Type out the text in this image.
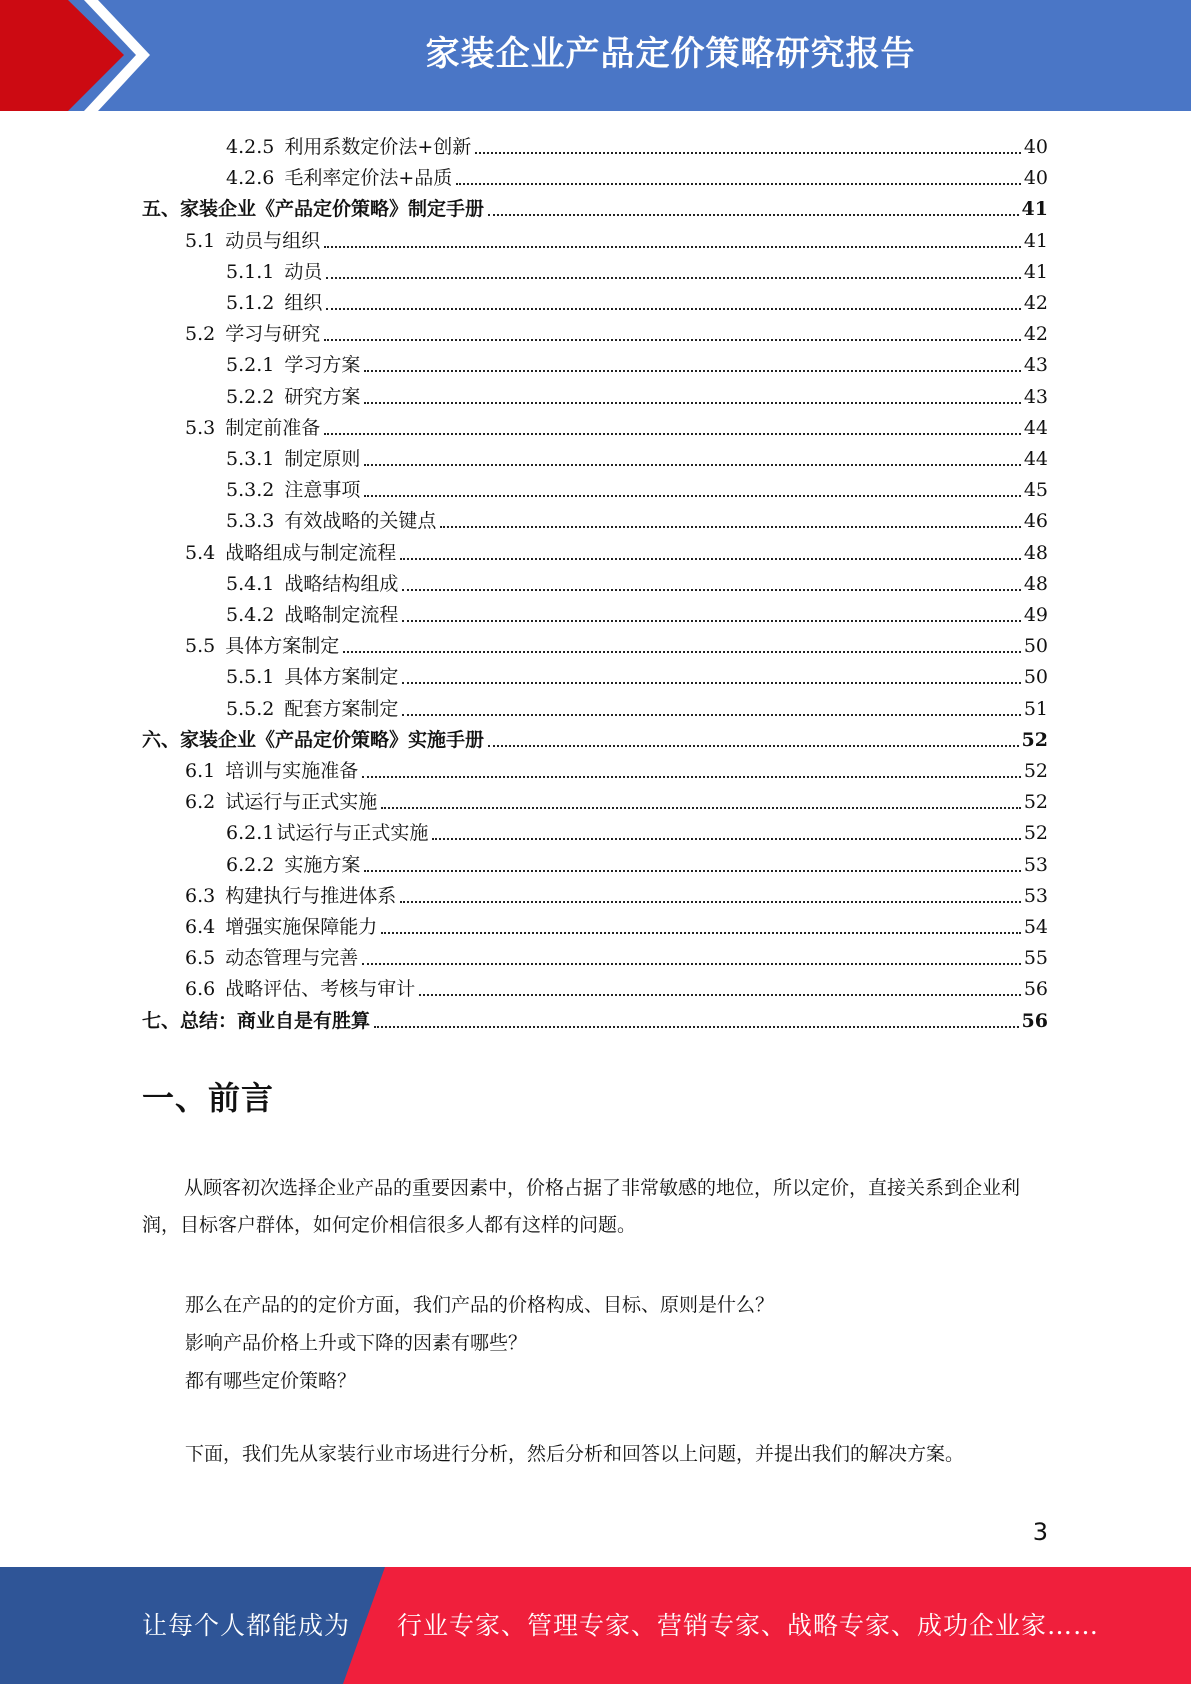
家装企业产品定价策略研究报告
4.2.5 利用系数定价法+创新	40
4.2.6 毛利率定价法+品质	40
五、家装企业《产品定价策略》制定手册	41
5.1 动员与组织	41
5.1.1 动员	41
5.1.2 组织	42
5.2 学习与研究	42
5.2.1 学习方案	43
5.2.2 研究方案	43
5.3 制定前准备	44
5.3.1 制定原则	44
5.3.2 注意事项	45
5.3.3 有效战略的关键点	46
5.4 战略组成与制定流程	48
5.4.1 战略结构组成	48
5.4.2 战略制定流程	49
5.5 具体方案制定	50
5.5.1 具体方案制定	50
5.5.2 配套方案制定	51
六、家装企业《产品定价策略》实施手册	52
6.1 培训与实施准备	52
6.2 试运行与正式实施	52
6.2.1 试运行与正式实施	52
6.2.2 实施方案	53
6.3 构建执行与推进体系	53
6.4 增强实施保障能力	54
6.5 动态管理与完善	55
6.6 战略评估、考核与审计	56
七、总结：商业自是有胜算	56
一、前言
从顾客初次选择企业产品的重要因素中，价格占据了非常敏感的地位，所以定价，直接关系到企业利润，目标客户群体，如何定价相信很多人都有这样的问题。
那么在产品的的定价方面，我们产品的价格构成、目标、原则是什么？
影响产品价格上升或下降的因素有哪些？
都有哪些定价策略？
下面，我们先从家装行业市场进行分析，然后分析和回答以上问题，并提出我们的解决方案。
3
让每个人都能成为 行业专家、管理专家、营销专家、战略专家、成功企业家……
